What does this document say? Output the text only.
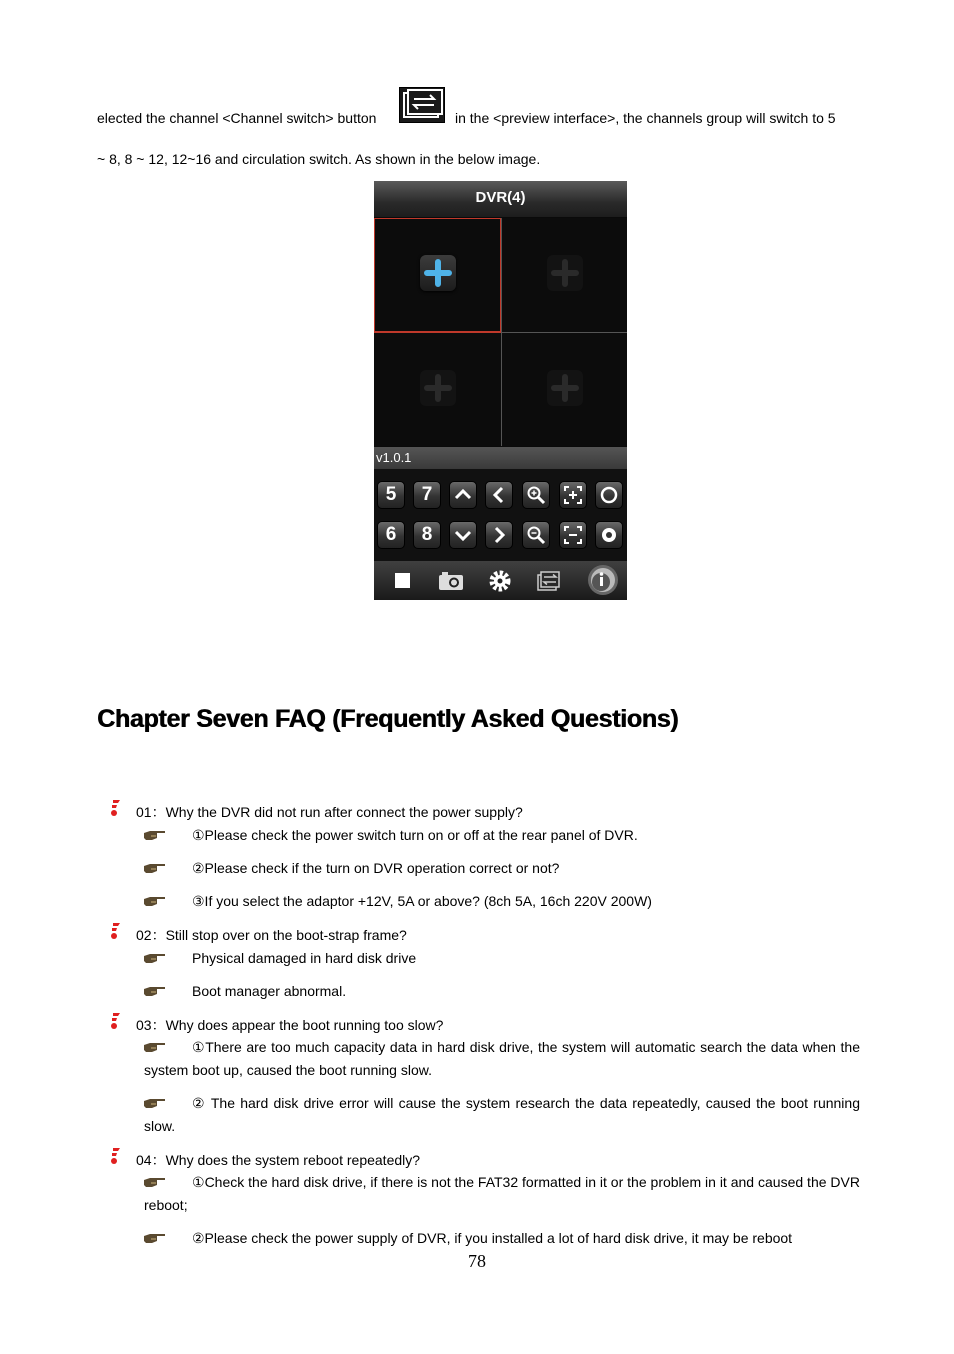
elected the channel <Channel switch> button	in the <preview interface>, the channels group will switch to 5
~ 8, 8 ~ 12, 12~16 and circulation switch. As shown in the below image.
DVR(4)
v1.0.1
5	7
6	8
Chapter Seven FAQ (Frequently Asked Questions)
01：Why the DVR did not run after connect the power supply?
①Please check the power switch turn on or off at the rear panel of DVR.
②Please check if the turn on DVR operation correct or not?
③If you select the adaptor +12V, 5A or above? (8ch 5A, 16ch 220V 200W)
02：Still stop over on the boot-strap frame?
Physical damaged in hard disk drive
Boot manager abnormal.
03：Why does appear the boot running too slow?
①There are too much capacity data in hard disk drive, the system will automatic search the data when the system boot up, caused the boot running slow.
② The hard disk drive error will cause the system research the data repeatedly, caused the boot running slow.
04：Why does the system reboot repeatedly?
①Check the hard disk drive, if there is not the FAT32 formatted in it or the problem in it and caused the DVR reboot;
②Please check the power supply of DVR, if you installed a lot of hard disk drive, it may be reboot
78
